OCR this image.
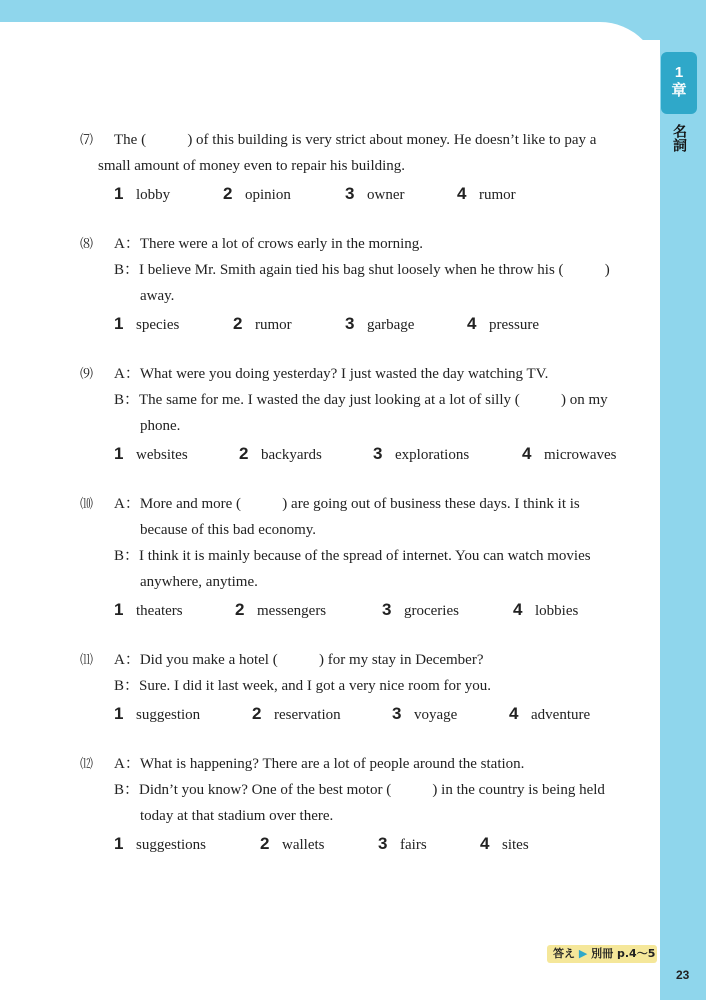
1
章
名詞
⑺	The (           ) of this building is very strict about money. He doesn’t like to pay a
small amount of money even to repair his building.
1 lobby	2 opinion	3 owner	4 rumor
⑻	A：There were a lot of crows early in the morning.
B：I believe Mr. Smith again tied his bag shut loosely when he throw his (           )
away.
1 species	2 rumor	3 garbage	4 pressure
⑼	A：What were you doing yesterday? I just wasted the day watching TV.
B：The same for me. I wasted the day just looking at a lot of silly (           ) on my
phone.
1 websites	2 backyards	3 explorations	4 microwaves
⑽	A：More and more (           ) are going out of business these days. I think it is
because of this bad economy.
B：I think it is mainly because of the spread of internet. You can watch movies
anywhere, anytime.
1 theaters	2 messengers	3 groceries	4 lobbies
⑾	A：Did you make a hotel (           ) for my stay in December?
B：Sure. I did it last week, and I got a very nice room for you.
1 suggestion	2 reservation	3 voyage	4 adventure
⑿	A：What is happening? There are a lot of people around the station.
B：Didn’t you know? One of the best motor (           ) in the country is being held
today at that stadium over there.
1 suggestions	2 wallets	3 fairs	4 sites
答え ▶ 別冊 p.4～5
23
